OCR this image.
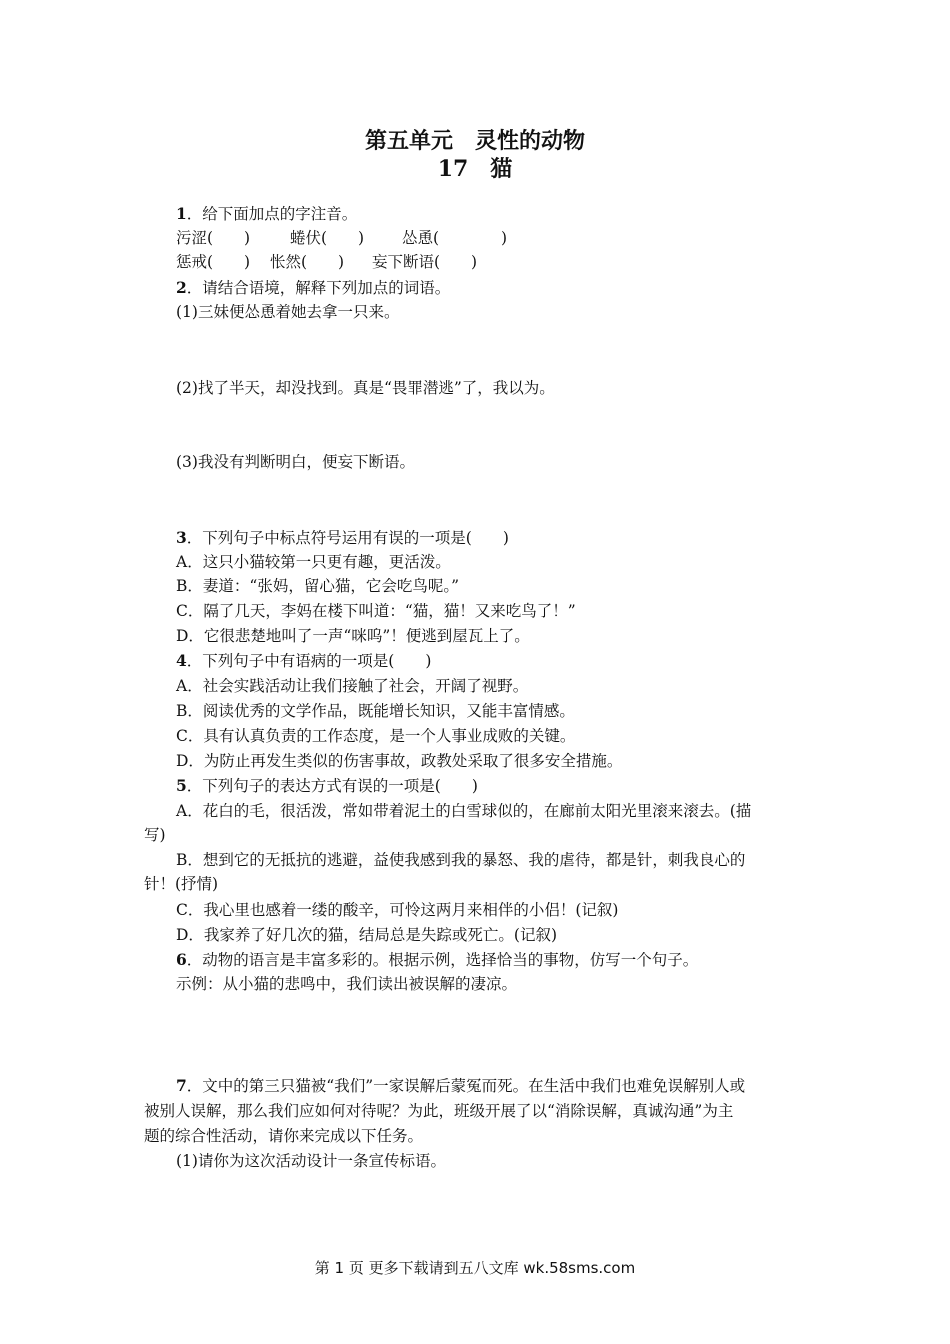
第五单元　灵性的动物
17　猫
1．给下面加点的字注音。
污涩(　　)	蜷伏(　　) 怂恿(　　　　)
惩戒(　　) 怅然(　　) 妄下断语(　　)
2．请结合语境，解释下列加点的词语。
(1)三妹便怂恿着她去拿一只来。
(2)找了半天，却没找到。真是“畏罪潜逃”了，我以为。
(3)我没有判断明白，便妄下断语。
3．下列句子中标点符号运用有误的一项是(　　)
A．这只小猫较第一只更有趣，更活泼。
B．妻道：“张妈，留心猫，它会吃鸟呢。”
C．隔了几天，李妈在楼下叫道：“猫，猫！又来吃鸟了！”
D．它很悲楚地叫了一声“咪呜”！便逃到屋瓦上了。
4．下列句子中有语病的一项是(　　)
A．社会实践活动让我们接触了社会，开阔了视野。
B．阅读优秀的文学作品，既能增长知识，又能丰富情感。
C．具有认真负责的工作态度，是一个人事业成败的关键。
D．为防止再发生类似的伤害事故，政教处采取了很多安全措施。
5．下列句子的表达方式有误的一项是(　　)
A．花白的毛，很活泼，常如带着泥土的白雪球似的，在廊前太阳光里滚来滚去。(描
写)
B．想到它的无抵抗的逃避，益使我感到我的暴怒、我的虐待，都是针，刺我良心的
针！(抒情)
C．我心里也感着一缕的酸辛，可怜这两月来相伴的小侣！(记叙)
D．我家养了好几次的猫，结局总是失踪或死亡。(记叙)
6．动物的语言是丰富多彩的。根据示例，选择恰当的事物，仿写一个句子。
示例：从小猫的悲鸣中，我们读出被误解的凄凉。
7．文中的第三只猫被“我们”一家误解后蒙冤而死。在生活中我们也难免误解别人或
被别人误解，那么我们应如何对待呢？为此，班级开展了以“消除误解，真诚沟通”为主
题的综合性活动，请你来完成以下任务。
(1)请你为这次活动设计一条宣传标语。
第 1 页 更多下载请到五八文库 wk.58sms.com
